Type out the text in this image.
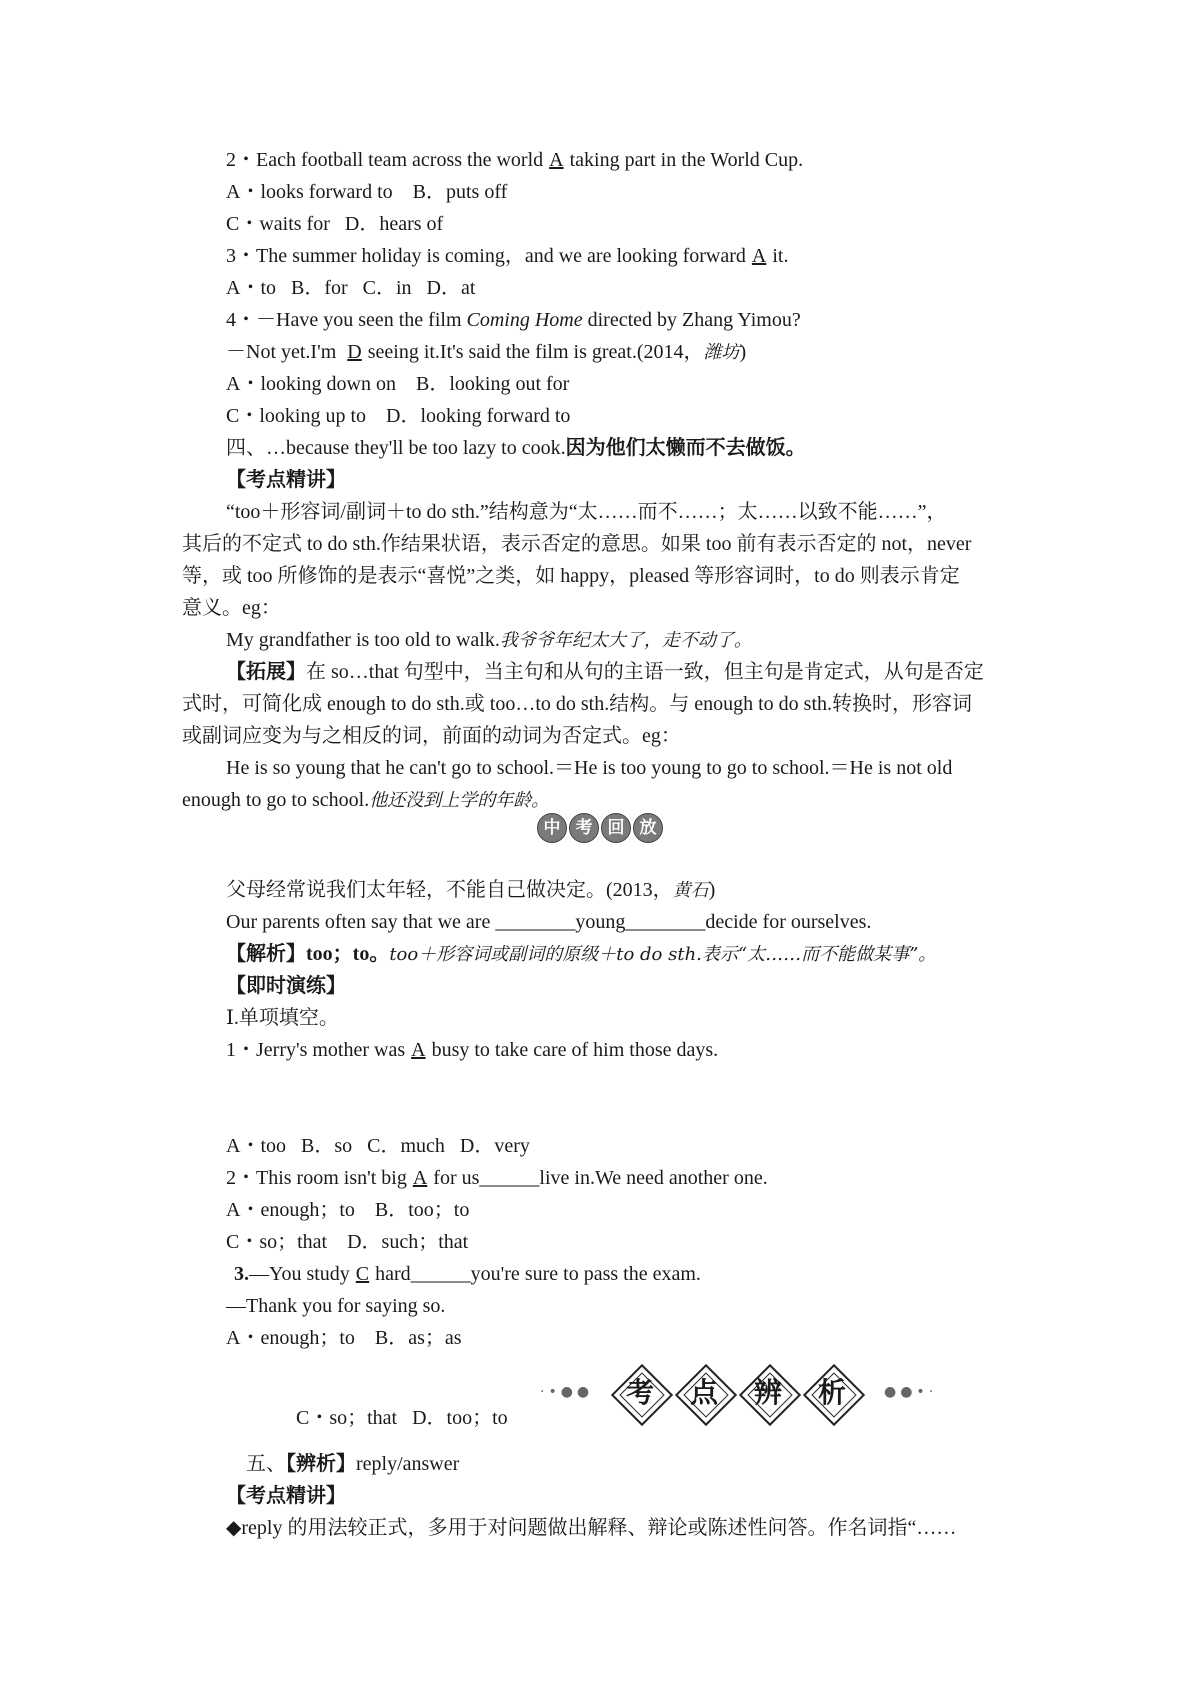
2・Each football team across the world A taking part in the World Cup.
A・looks forward to    B．puts off
C・waits for   D．hears of
3・The summer holiday is coming，and we are looking forward A it.
A・to   B．for   C．in   D．at
4・－Have you seen the film Coming Home directed by Zhang Yimou?
－Not yet.I'm D seeing it.It's said the film is great.(2014，潍坊)
A・looking down on    B．looking out for
C・looking up to    D．looking forward to
四、…because they'll be too lazy to cook.因为他们太懒而不去做饭。
【考点精讲】
“too＋形容词/副词＋to do sth.”结构意为“太……而不……；太……以致不能……”，
其后的不定式 to do sth.作结果状语，表示否定的意思。如果 too 前有表示否定的 not，never
等，或 too 所修饰的是表示“喜悦”之类，如 happy，pleased 等形容词时，to do 则表示肯定
意义。eg：
My grandfather is too old to walk.我爷爷年纪太大了，走不动了。
【拓展】在 so…that 句型中，当主句和从句的主语一致，但主句是肯定式，从句是否定
式时，可简化成 enough to do sth.或 too…to do sth.结构。与 enough to do sth.转换时，形容词
或副词应变为与之相反的词，前面的动词为否定式。eg：
He is so young that he can't go to school.＝He is too young to go to school.＝He is not old
enough to go to school.他还没到上学的年龄。
中 考 回 放
父母经常说我们太年轻，不能自己做决定。(2013，黄石)
Our parents often say that we are ________young________decide for ourselves.
【解析】too；to。too＋形容词或副词的原级＋to do sth.表示“太……而不能做某事”。
【即时演练】
Ⅰ.单项填空。
1・Jerry's mother was A busy to take care of him those days.
A・too   B．so   C．much   D．very
2・This room isn't big A for us______live in.We need another one.
A・enough；to    B．too；to
C・so；that    D．such；that
3.—You study C hard______you're sure to pass the exam.
—Thank you for saying so.
A・enough；to    B．as；as
C・so；that   D．too；to
·•●●	考	点	辨	析	●●•·
五、【辨析】reply/answer
【考点精讲】
◆reply 的用法较正式，多用于对问题做出解释、辩论或陈述性问答。作名词指“……
